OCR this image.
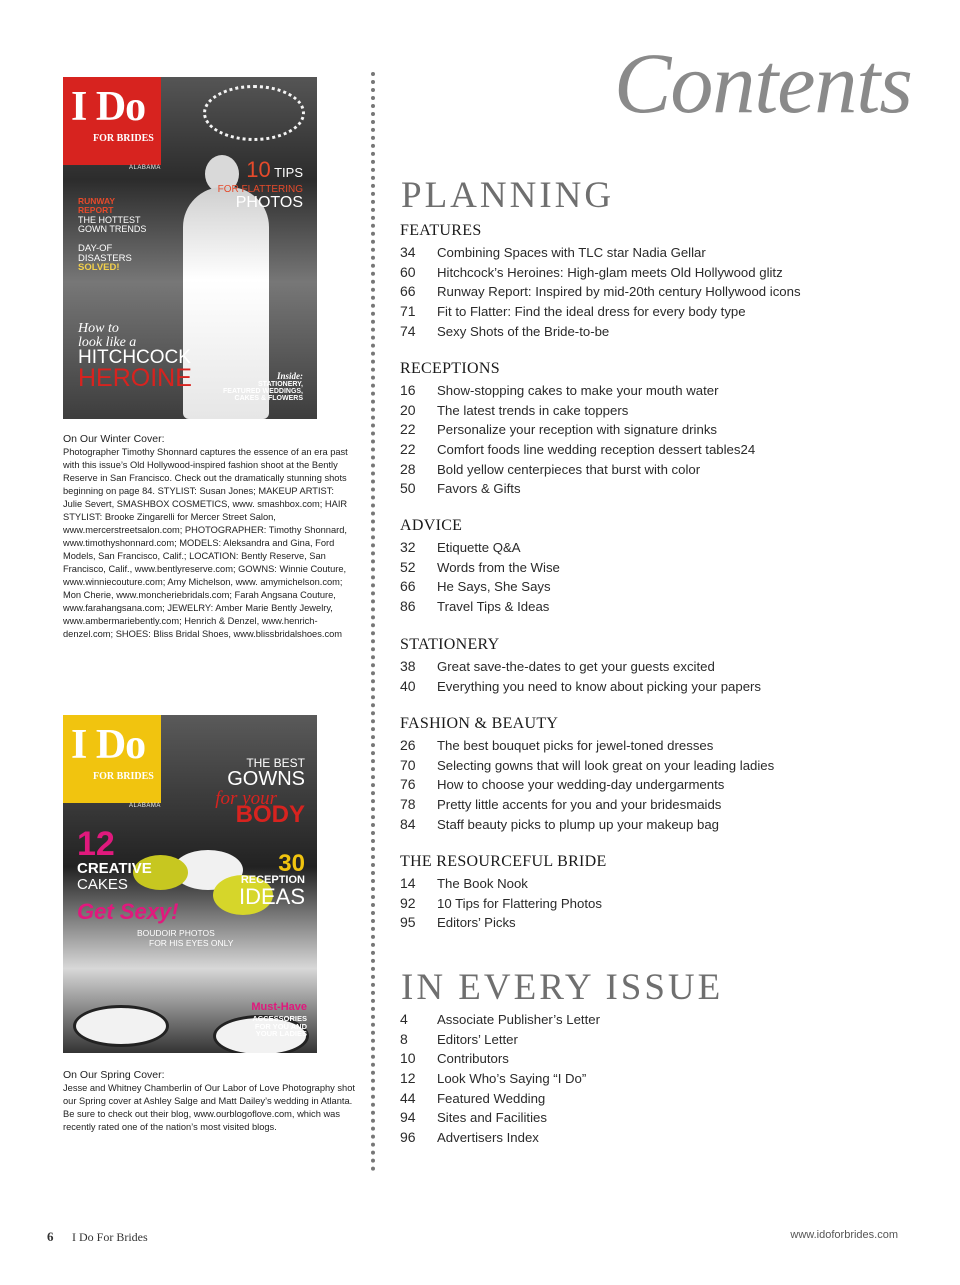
I Do
FOR BRIDES
ALABAMA	10 TIPS
FOR FLATTERING
PHOTOS
RUNWAY
REPORT
THE HOTTEST
GOWN TRENDS
DAY-OF
DISASTERS
SOLVED!
How to
look like a
HITCHCOCK
HEROINE	Inside:
STATIONERY,
FEATURED WEDDINGS,
CAKES & FLOWERS
On Our Winter Cover:
Photographer Timothy Shonnard captures the essence of an era past with this issue’s Old Hollywood-inspired fashion shoot at the Bently Reserve in San Francisco. Check out the dramatically stunning shots beginning on page 84. STYLIST: Susan Jones; MAKEUP ARTIST: Julie Severt, SMASHBOX COSMETICS, www. smashbox.com; HAIR STYLIST: Brooke Zingarelli for Mercer Street Salon, www.mercerstreetsalon.com; PHOTOGRAPHER: Timothy Shonnard, www.timothyshonnard.com; MODELS: Aleksandra and Gina, Ford Models, San Francisco, Calif.; LOCATION: Bently Reserve, San Francisco, Calif., www.bentlyreserve.com; GOWNS: Winnie Couture, www.winniecouture.com; Amy Michelson, www. amymichelson.com; Mon Cherie, www.moncheriebridals.com; Farah Angsana Couture, www.farahangsana.com; JEWELRY: Amber Marie Bently Jewelry, www.ambermariebently.com; Henrich & Denzel, www.henrich-denzel.com; SHOES: Bliss Bridal Shoes, www.blissbridalshoes.com
I Do
FOR BRIDES
ALABAMA
THE BEST
GOWNS
for your
BODY
12
CREATIVE
CAKES
30
RECEPTION
IDEAS
Get Sexy!
BOUDOIR PHOTOS
FOR HIS EYES ONLY
Must-Have
ACCESSORIES
FOR YOU AND
YOUR LADIES
On Our Spring Cover:
Jesse and Whitney Chamberlin of Our Labor of Love Photography shot our Spring cover at Ashley Salge and Matt Dailey’s wedding in Atlanta. Be sure to check out their blog, www.ourblogoflove.com, which was recently rated one of the nation’s most visited blogs.
Contents
PLANNING
FEATURES
34 Combining Spaces with TLC star Nadia Gellar
60 Hitchcock’s Heroines: High-glam meets Old Hollywood glitz
66 Runway Report: Inspired by mid-20th century Hollywood icons
71 Fit to Flatter: Find the ideal dress for every body type
74 Sexy Shots of the Bride-to-be
RECEPTIONS
16 Show-stopping cakes to make your mouth water
20 The latest trends in cake toppers
22 Personalize your reception with signature drinks
22 Comfort foods line wedding reception dessert tables24
28 Bold yellow centerpieces that burst with color
50 Favors & Gifts
ADVICE
32 Etiquette Q&A
52 Words from the Wise
66 He Says, She Says
86 Travel Tips & Ideas
STATIONERY
38 Great save-the-dates to get your guests excited
40 Everything you need to know about picking your papers
FASHION & BEAUTY
26 The best bouquet picks for jewel-toned dresses
70 Selecting gowns that will look great on your leading ladies
76 How to choose your wedding-day undergarments
78 Pretty little accents for you and your bridesmaids
84 Staff beauty picks to plump up your makeup bag
THE RESOURCEFUL BRIDE
14 The Book Nook
92 10 Tips for Flattering Photos
95 Editors’ Picks
IN EVERY ISSUE
4 Associate Publisher’s Letter
8 Editors’ Letter
10 Contributors
12 Look Who’s Saying “I Do”
44 Featured Wedding
94 Sites and Facilities
96 Advertisers Index
6 I Do For Brides	www.idoforbrides.com
